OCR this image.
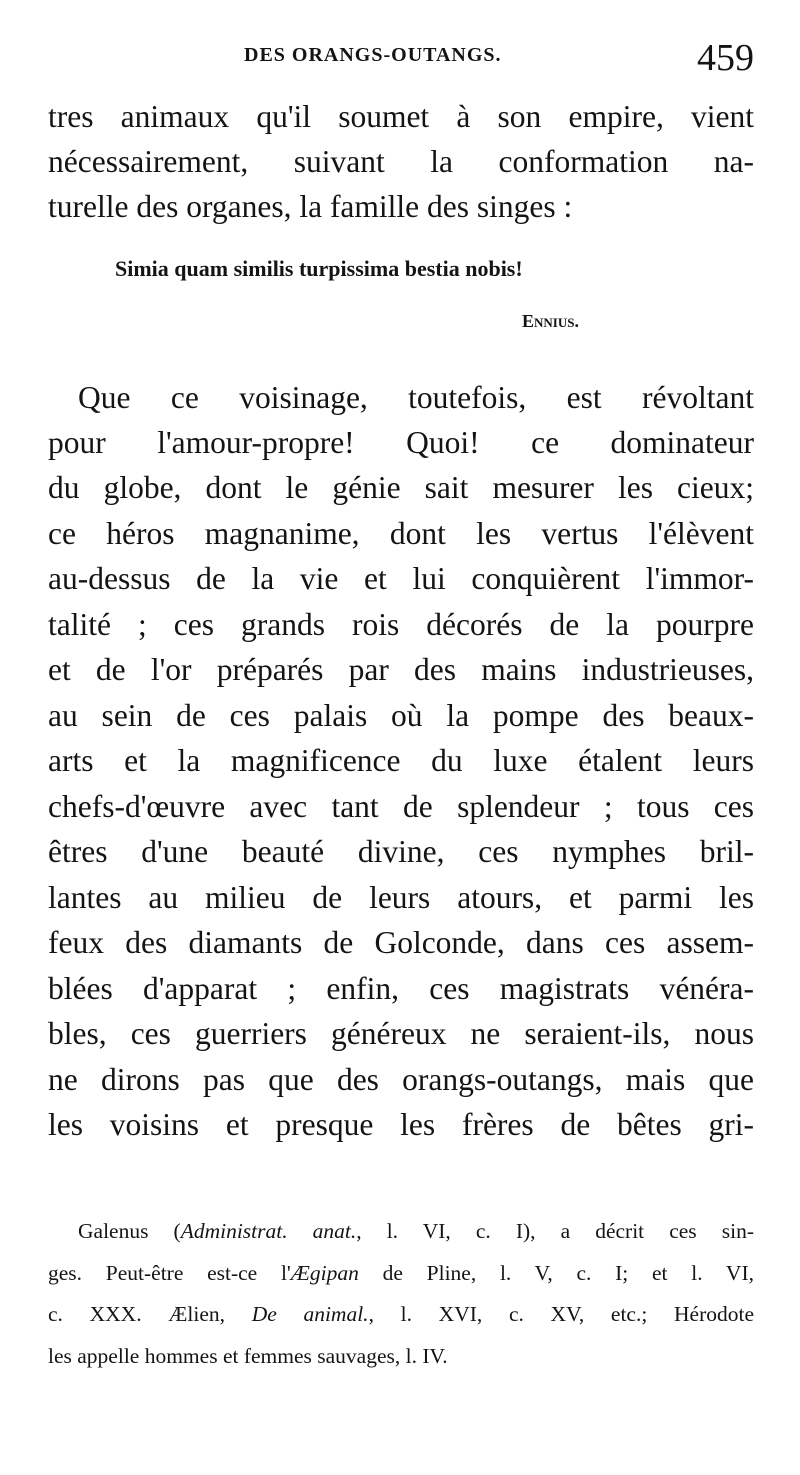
DES ORANGS-OUTANGS.	459
tres animaux qu'il soumet à son empire, vient
nécessairement, suivant la conformation na-
turelle des organes, la famille des singes :
Simia quam similis turpissima bestia nobis!
Ennius.
Que ce voisinage, toutefois, est révoltant
pour l'amour-propre! Quoi! ce dominateur
du globe, dont le génie sait mesurer les cieux;
ce héros magnanime, dont les vertus l'élèvent
au-dessus de la vie et lui conquièrent l'immor-
talité ; ces grands rois décorés de la pourpre
et de l'or préparés par des mains industrieuses,
au sein de ces palais où la pompe des beaux-
arts et la magnificence du luxe étalent leurs
chefs-d'œuvre avec tant de splendeur ; tous ces
êtres d'une beauté divine, ces nymphes bril-
lantes au milieu de leurs atours, et parmi les
feux des diamants de Golconde, dans ces assem-
blées d'apparat ; enfin, ces magistrats vénéra-
bles, ces guerriers généreux ne seraient-ils, nous
ne dirons pas que des orangs-outangs, mais que
les voisins et presque les frères de bêtes gri-
Galenus (Administrat. anat., l. VI, c. I), a décrit ces sin-
ges. Peut-être est-ce l'Ægipan de Pline, l. V, c. I; et l. VI,
c. XXX. Ælien, De animal., l. XVI, c. XV, etc.; Hérodote
les appelle hommes et femmes sauvages, l. IV.
